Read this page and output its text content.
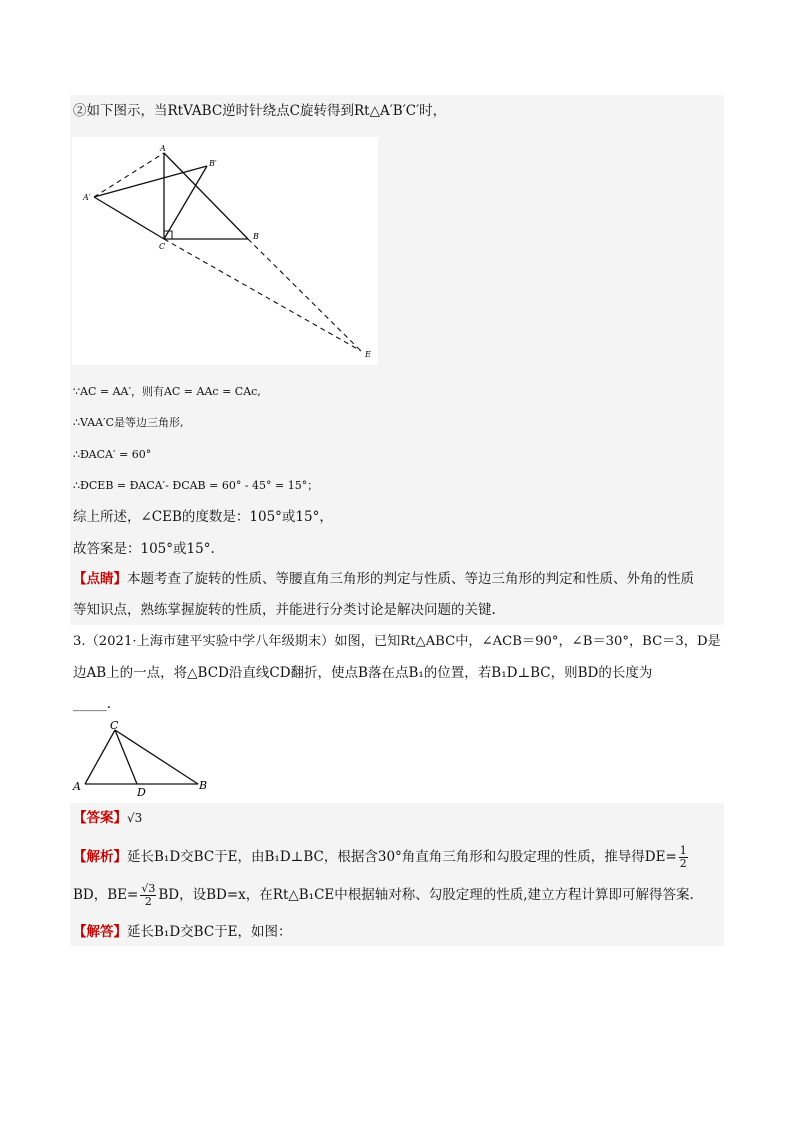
②如下图示，当RtVABC逆时针绕点C旋转得到Rt△A′B′C′时，
A
B′
A′
C
B
E
∵AC = AA′，则有AC = AAc = CAc,
∴VAA′C是等边三角形,
∴ÐACA′ = 60°
∴ÐCEB = ÐACA′- ÐCAB = 60° - 45° = 15°；
综上所述，∠CEB的度数是：105°或15°，
故答案是：105°或15°.
【点睛】本题考查了旋转的性质、等腰直角三角形的判定与性质、等边三角形的判定和性质、外角的性质
等知识点，熟练掌握旋转的性质，并能进行分类讨论是解决问题的关键.
3.（2021·上海市建平实验中学八年级期末）如图，已知Rt△ABC中，∠ACB＝90°，∠B＝30°，BC＝3，D是
边AB上的一点，将△BCD沿直线CD翻折，使点B落在点B₁的位置，若B₁D⊥BC，则BD的长度为
_____.
C
A	D
B
【答案】√3
【解析】延长B₁D交BC于E，由B₁D⊥BC，根据含30°角直角三角形和勾股定理的性质，推导得$DE= \frac{1}{2}$
BD，$BE= \frac{√3}{2}$ BD，设BD=x，在Rt△B₁CE中根据轴对称、勾股定理的性质,建立方程计算即可解得答案.
【解答】延长B₁D交BC于E，如图：
